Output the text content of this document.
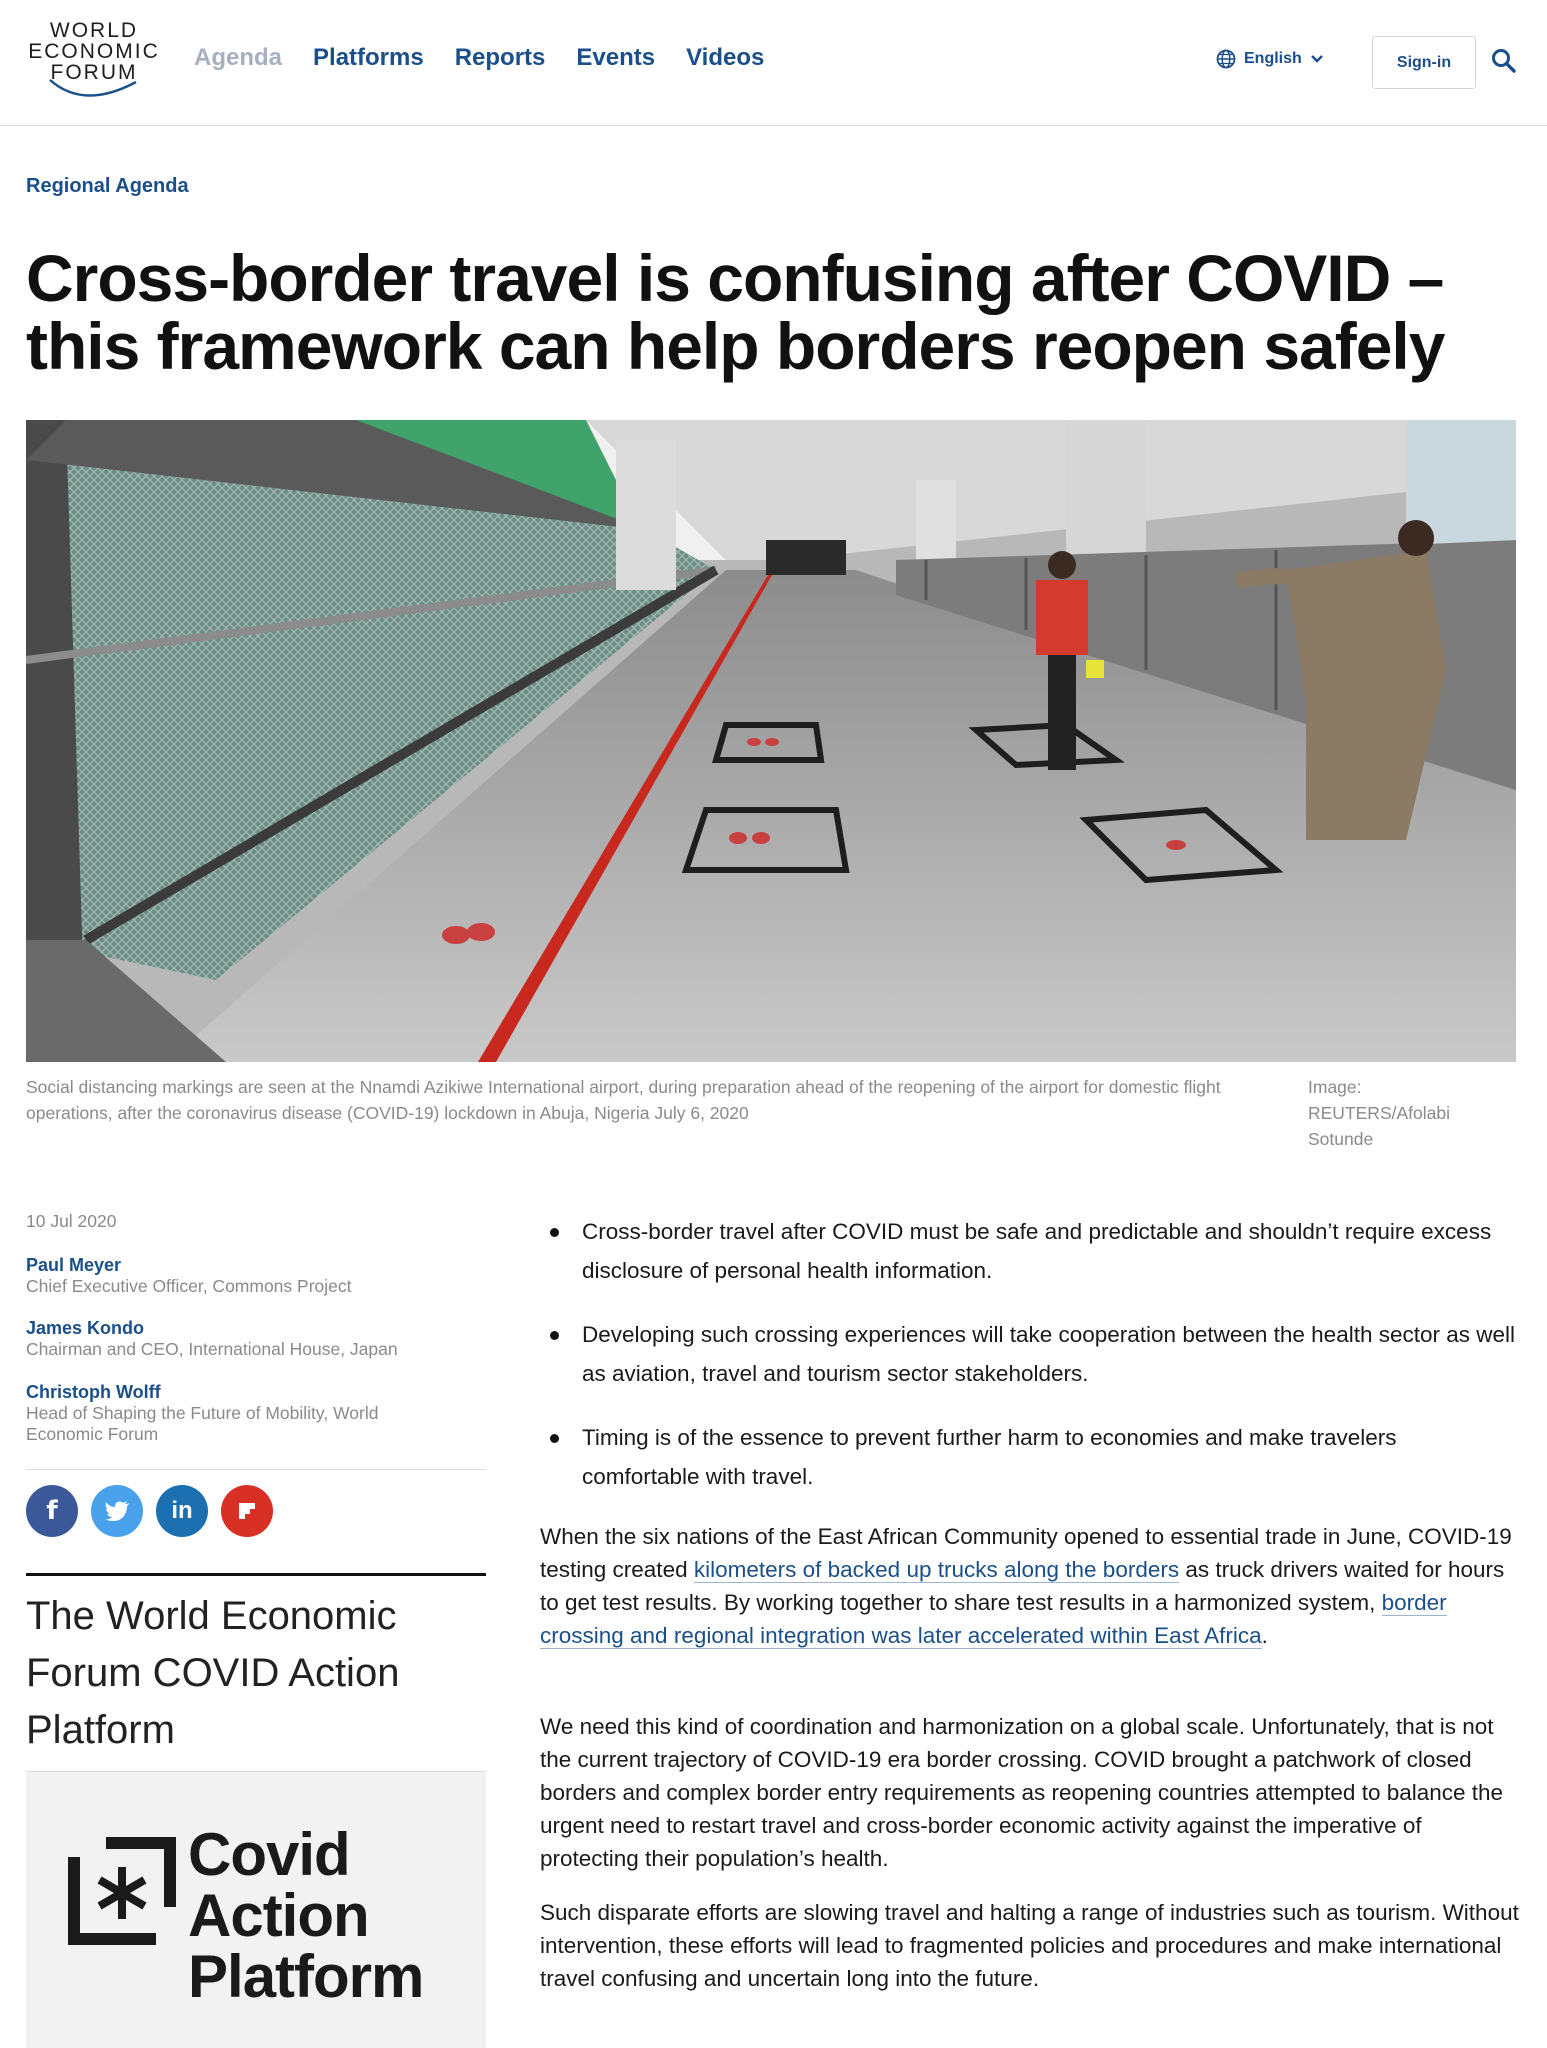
WORLD
ECONOMIC
FORUM
Agenda Platforms Reports Events Videos	English	Sign-in
Regional Agenda
Cross-border travel is confusing after COVID – this framework can help borders reopen safely
Social distancing markings are seen at the Nnamdi Azikiwe International airport, during preparation ahead of the reopening of the airport for domestic flight operations, after the coronavirus disease (COVID-19) lockdown in Abuja, Nigeria July 6, 2020
Image:
REUTERS/Afolabi
Sotunde
10 Jul 2020
Paul Meyer
Chief Executive Officer, Commons Project
James Kondo
Chairman and CEO, International House, Japan
Christoph Wolff
Head of Shaping the Future of Mobility, World Economic Forum
f	in
The World Economic Forum COVID Action Platform
Covid
Action
Platform
Cross-border travel after COVID must be safe and predictable and shouldn’t require excess disclosure of personal health information.
Developing such crossing experiences will take cooperation between the health sector as well as aviation, travel and tourism sector stakeholders.
Timing is of the essence to prevent further harm to economies and make travelers comfortable with travel.

When the six nations of the East African Community opened to essential trade in June, COVID-19 testing created kilometers of backed up trucks along the borders as truck drivers waited for hours to get test results. By working together to share test results in a harmonized system, border crossing and regional integration was later accelerated within East Africa.

We need this kind of coordination and harmonization on a global scale. Unfortunately, that is not the current trajectory of COVID-19 era border crossing. COVID brought a patchwork of closed borders and complex border entry requirements as reopening countries attempted to balance the urgent need to restart travel and cross-border economic activity against the imperative of protecting their population’s health.

Such disparate efforts are slowing travel and halting a range of industries such as tourism. Without intervention, these efforts will lead to fragmented policies and procedures and make international travel confusing and uncertain long into the future.
